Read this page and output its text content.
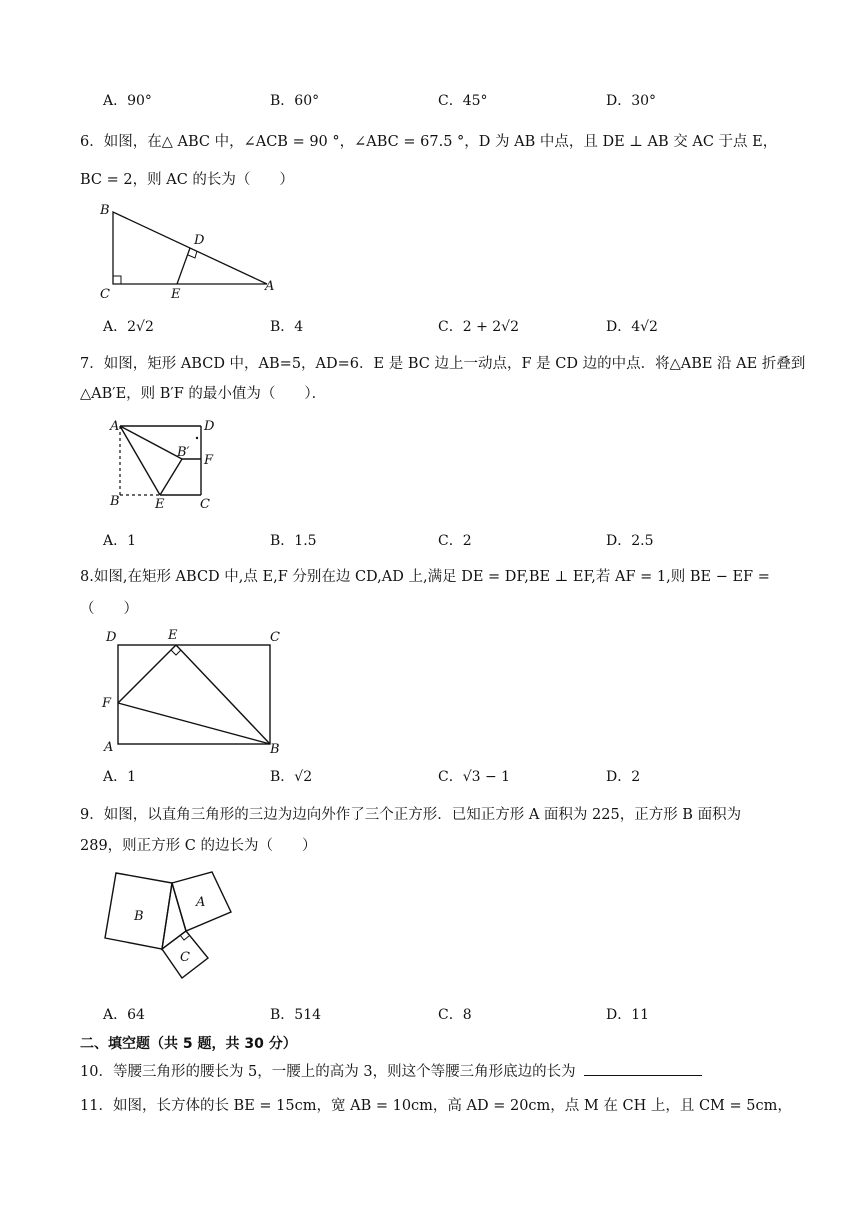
A．90°	B．60°	C．45°	D．30°
6．如图，在△ ABC 中，∠ACB = 90 °，∠ABC = 67.5 °，D 为 AB 中点，且 DE ⊥ AB 交 AC 于点 E，
BC = 2，则 AC 的长为（　　）
B
C
D
E
A
A．2√2	B．4	C．2 + 2√2	D．4√2
7．如图，矩形 ABCD 中，AB=5，AD=6．E 是 BC 边上一动点，F 是 CD 边的中点．将△ABE 沿 AE 折叠到
△AB′E，则 B′F 的最小值为（　　）．
A	D
B′
F
B	E	C
A．1	B．1.5	C．2	D．2.5
8.如图,在矩形 ABCD 中,点 E,F 分别在边 CD,AD 上,满足 DE = DF,BE ⊥ EF,若 AF = 1,则 BE − EF =
（　　）
D	E	C
F
A	B
A．1	B．√2	C．√3 − 1	D．2
9．如图，以直角三角形的三边为边向外作了三个正方形．已知正方形 A 面积为 225，正方形 B 面积为
289，则正方形 C 的边长为（　　）
A
B
C
A．64	B．514	C．8	D．11
二、填空题（共 5 题，共 30 分）
10．等腰三角形的腰长为 5，一腰上的高为 3，则这个等腰三角形底边的长为
11．如图，长方体的长 BE = 15cm，宽 AB = 10cm，高 AD = 20cm，点 M 在 CH 上，且 CM = 5cm，
